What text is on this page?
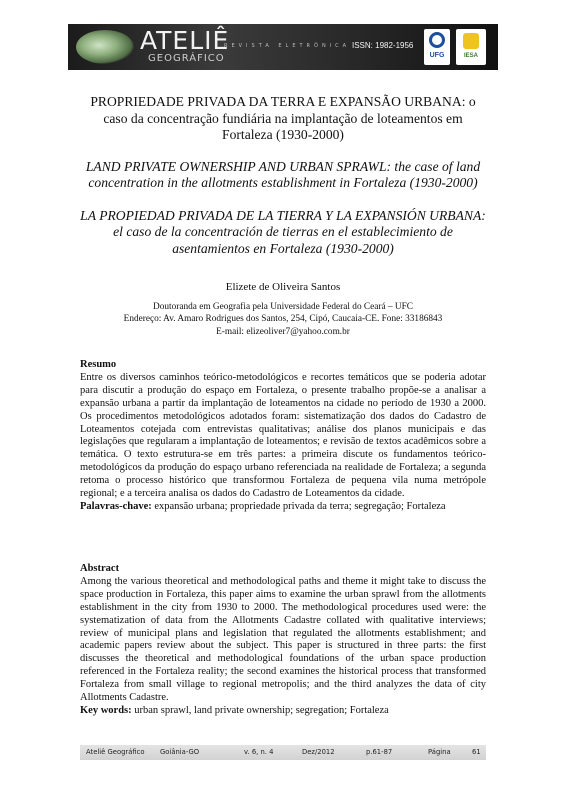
ATELIÊ
GEOGRÁFICO
REVISTA ELETRÔNICA ISSN: 1982-1956
UFG	IESA
PROPRIEDADE PRIVADA DA TERRA E EXPANSÃO URBANA: o
caso da concentração fundiária na implantação de loteamentos em
Fortaleza (1930-2000)
LAND PRIVATE OWNERSHIP AND URBAN SPRAWL: the case of land
concentration in the allotments establishment in Fortaleza (1930-2000)
LA PROPIEDAD PRIVADA DE LA TIERRA Y LA EXPANSIÓN URBANA:
el caso de la concentración de tierras en el establecimiento de
asentamientos en Fortaleza (1930-2000)
Elizete de Oliveira Santos
Doutoranda em Geografia pela Universidade Federal do Ceará – UFC
Endereço: Av. Amaro Rodrigues dos Santos, 254, Cipó, Caucaia-CE. Fone: 33186843
E-mail: elizeoliver7@yahoo.com.br
Resumo
Entre os diversos caminhos teórico-metodológicos e recortes temáticos que se poderia adotar para discutir a produção do espaço em Fortaleza, o presente trabalho propõe-se a analisar a expansão urbana a partir da implantação de loteamentos na cidade no período de 1930 a 2000. Os procedimentos metodológicos adotados foram: sistematização dos dados do Cadastro de Loteamentos cotejada com entrevistas qualitativas; análise dos planos municipais e das legislações que regularam a implantação de loteamentos; e revisão de textos acadêmicos sobre a temática. O texto estrutura-se em três partes: a primeira discute os fundamentos teórico-metodológicos da produção do espaço urbano referenciada na realidade de Fortaleza; a segunda retoma o processo histórico que transformou Fortaleza de pequena vila numa metrópole regional; e a terceira analisa os dados do Cadastro de Loteamentos da cidade.
Palavras-chave: expansão urbana; propriedade privada da terra; segregação; Fortaleza
Abstract
Among the various theoretical and methodological paths and theme it might take to discuss the space production in Fortaleza, this paper aims to examine the urban sprawl from the allotments establishment in the city from 1930 to 2000. The methodological procedures used were: the systematization of data from the Allotments Cadastre collated with qualitative interviews; review of municipal plans and legislation that regulated the allotments establishment; and academic papers review about the subject. This paper is structured in three parts: the first discusses the theoretical and methodological foundations of the urban space production referenced in the Fortaleza reality; the second examines the historical process that transformed Fortaleza from small village to regional metropolis; and the third analyzes the data of city Allotments Cadastre.
Key words: urban sprawl, land private ownership; segregation; Fortaleza
Ateliê Geográfico Goiânia-GO	v. 6, n. 4	Dez/2012	p.61-87	Página	61
